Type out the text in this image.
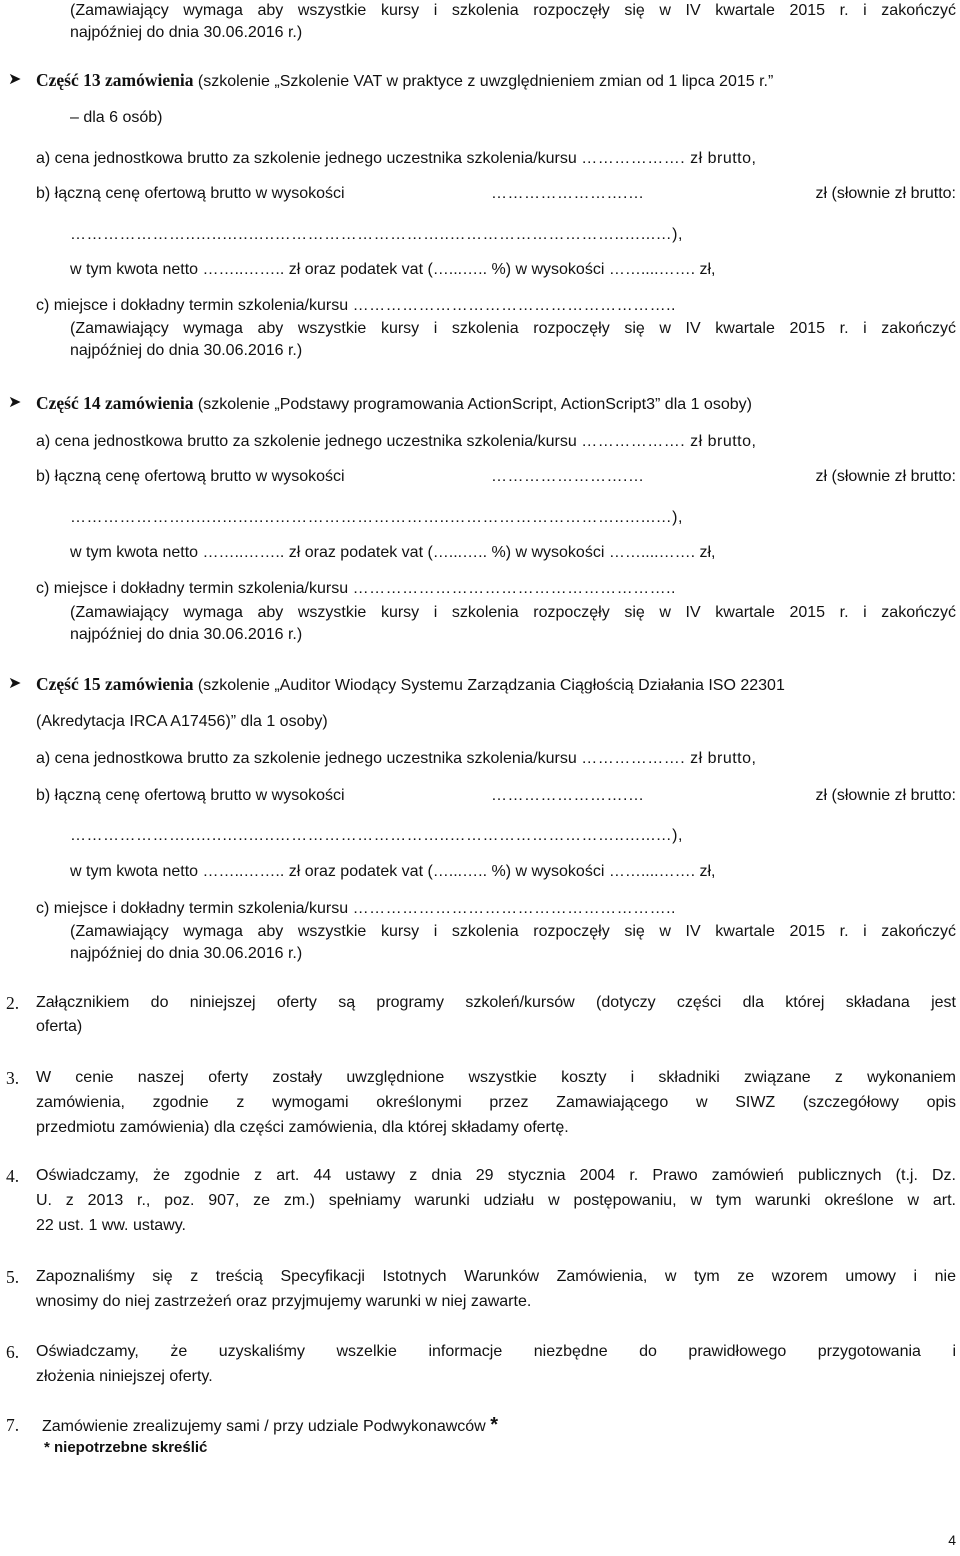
(Zamawiający wymaga aby wszystkie kursy i szkolenia rozpoczęły się w IV kwartale 2015 r. i zakończyć
najpóźniej do dnia 30.06.2016 r.)
➤ Część 13 zamówienia (szkolenie „Szkolenie VAT w praktyce z uwzględnieniem zmian od 1 lipca 2015 r.”
– dla 6 osób)
a) cena jednostkowa brutto za szkolenie jednego uczestnika szkolenia/kursu ………………. zł brutto,
b) łączną cenę ofertową brutto w wysokości	…………………….…	zł (słownie zł brutto:
…………………..…..…..…..…………………………..…………………………..…...…),
w tym kwota netto ……..…….. zł oraz podatek vat (…...….. %) w wysokości ……....……. zł,
c) miejsce i dokładny termin szkolenia/kursu …………………………………………………..
(Zamawiający wymaga aby wszystkie kursy i szkolenia rozpoczęły się w IV kwartale 2015 r. i zakończyć
najpóźniej do dnia 30.06.2016 r.)
➤ Część 14 zamówienia (szkolenie „Podstawy programowania ActionScript, ActionScript3” dla 1 osoby)
a) cena jednostkowa brutto za szkolenie jednego uczestnika szkolenia/kursu ………………. zł brutto,
b) łączną cenę ofertową brutto w wysokości	…………………….…	zł (słownie zł brutto:
…………………..…..…..…..…………………………..…………………………..…...…),
w tym kwota netto ……..…….. zł oraz podatek vat (…...….. %) w wysokości ……....……. zł,
c) miejsce i dokładny termin szkolenia/kursu …………………………………………………..
(Zamawiający wymaga aby wszystkie kursy i szkolenia rozpoczęły się w IV kwartale 2015 r. i zakończyć
najpóźniej do dnia 30.06.2016 r.)
➤ Część 15 zamówienia (szkolenie „Auditor Wiodący Systemu Zarządzania Ciągłością Działania ISO 22301
(Akredytacja IRCA A17456)” dla 1 osoby)
a) cena jednostkowa brutto za szkolenie jednego uczestnika szkolenia/kursu ………………. zł brutto,
b) łączną cenę ofertową brutto w wysokości	…………………….…	zł (słownie zł brutto:
…………………..…..…..…..…………………………..…………………………..…...…),
w tym kwota netto ……..…….. zł oraz podatek vat (…...….. %) w wysokości ……....……. zł,
c) miejsce i dokładny termin szkolenia/kursu …………………………………………………..
(Zamawiający wymaga aby wszystkie kursy i szkolenia rozpoczęły się w IV kwartale 2015 r. i zakończyć
najpóźniej do dnia 30.06.2016 r.)
2. Załącznikiem do niniejszej oferty są programy szkoleń/kursów (dotyczy części dla której składana jest
oferta)
3. W cenie naszej oferty zostały uwzględnione wszystkie koszty i składniki związane z wykonaniem
zamówienia, zgodnie z wymogami określonymi przez Zamawiającego w SIWZ (szczegółowy opis
przedmiotu zamówienia) dla części zamówienia, dla której składamy ofertę.
4. Oświadczamy, że zgodnie z art. 44 ustawy z dnia 29 stycznia 2004 r. Prawo zamówień publicznych (t.j. Dz.
U. z 2013 r., poz. 907, ze zm.) spełniamy warunki udziału w postępowaniu, w tym warunki określone w art.
22 ust. 1 ww. ustawy.
5. Zapoznaliśmy się z treścią Specyfikacji Istotnych Warunków Zamówienia, w tym ze wzorem umowy i nie
wnosimy do niej zastrzeżeń oraz przyjmujemy warunki w niej zawarte.
6. Oświadczamy, że uzyskaliśmy wszelkie informacje niezbędne do prawidłowego przygotowania i
złożenia niniejszej oferty.
7. Zamówienie zrealizujemy sami / przy udziale Podwykonawców *
* niepotrzebne skreślić
4
